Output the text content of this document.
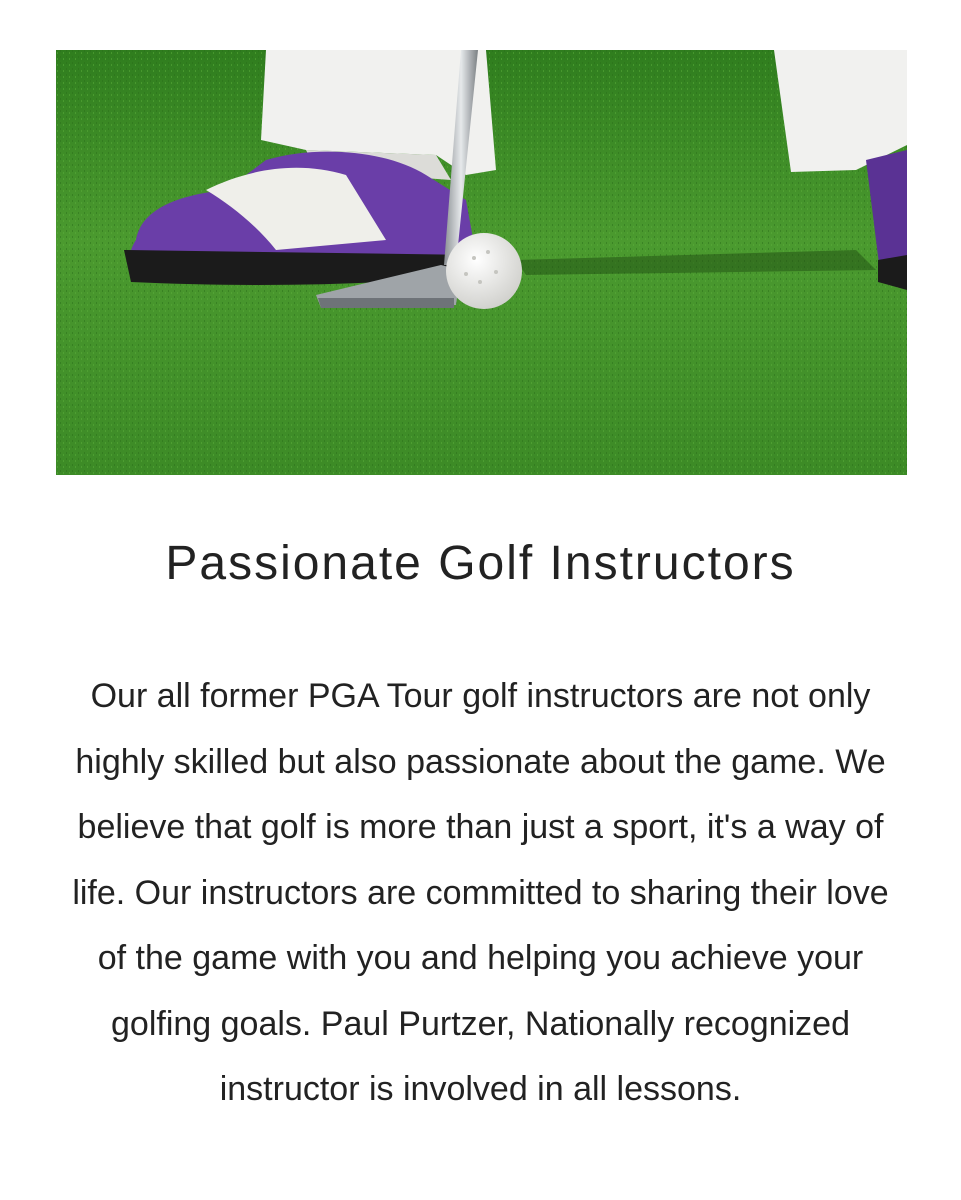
Passionate Golf Instructors

Our all former PGA Tour golf instructors are not only highly skilled but also passionate about the game. We believe that golf is more than just a sport, it's a way of life. Our instructors are committed to sharing their love of the game with you and helping you achieve your golfing goals. Paul Purtzer, Nationally recognized instructor is involved in all lessons.
